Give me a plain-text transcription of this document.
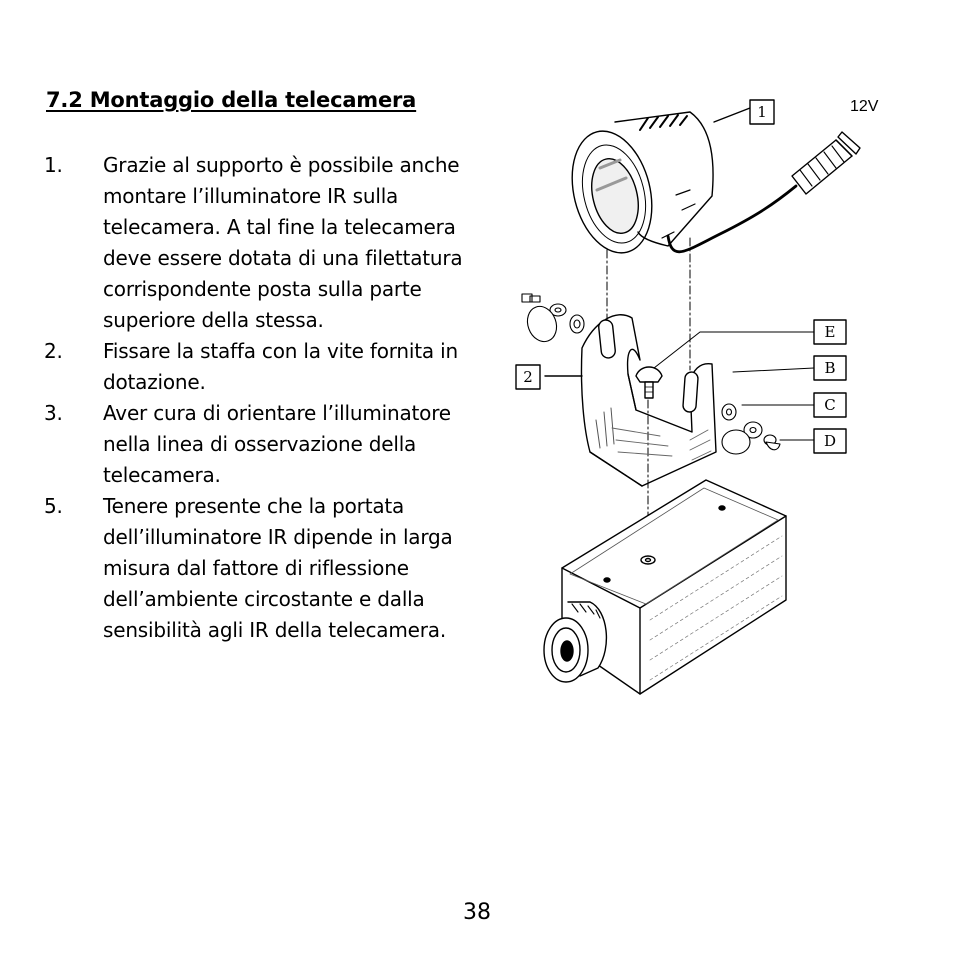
7.2 Montaggio della telecamera
1. Grazie al supporto è possibile anche montare l’illuminatore IR sulla telecamera. A tal fine la telecamera deve essere dotata di una filettatura corrispondente posta sulla parte superiore della stessa.
2. Fissare la staffa con la vite fornita in dotazione.
3. Aver cura di orientare l’illuminatore nella linea di osservazione della telecamera.
5. Tenere presente che la portata dell’illuminatore IR dipende in larga misura dal fattore di riflessione dell’ambiente circostante e dalla sensibilità agli IR della telecamera.
1
2
E
B
C
D
12V
38
